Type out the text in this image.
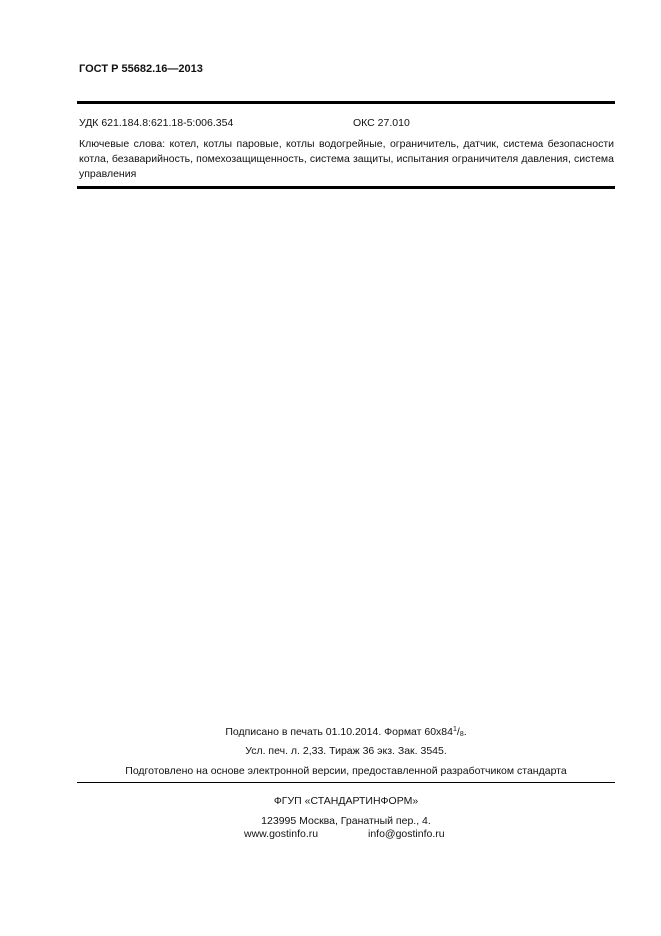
ГОСТ Р 55682.16—2013
УДК 621.184.8:621.18-5:006.354	ОКС 27.010
Ключевые слова: котел, котлы паровые, котлы водогрейные, ограничитель, датчик, система безопасности котла, безаварийность, помехозащищенность, система защиты, испытания ограничителя давления, система управления
Подписано в печать 01.10.2014. Формат $60х84^1/_8$.
Усл. печ. л. 2,33. Тираж 36 экз. Зак. 3545.
Подготовлено на основе электронной версии, предоставленной разработчиком стандарта
ФГУП «СТАНДАРТИНФОРМ»
123995 Москва, Гранатный пер., 4.
www.gostinfo.ru	info@gostinfo.ru
